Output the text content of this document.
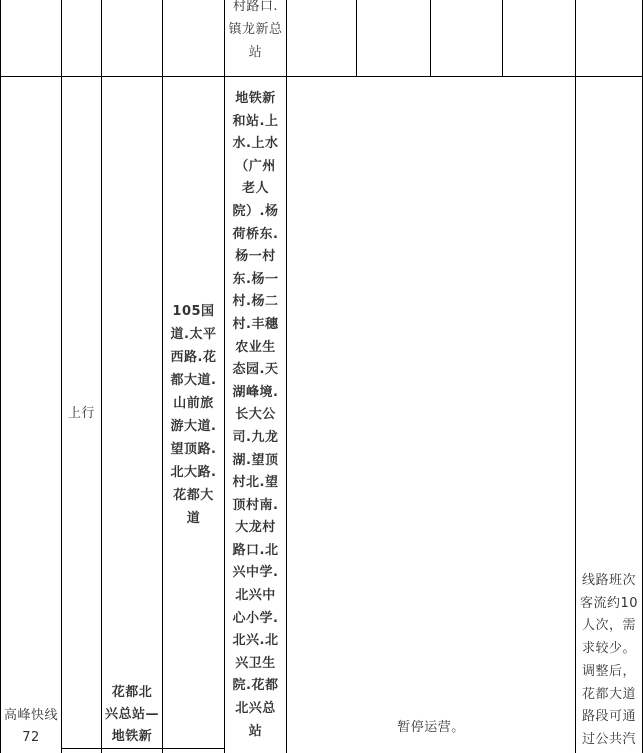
村路口.
镇龙新总
站
高峰快线
72
上行
花都北
兴总站—
地铁新
105国
道.太平
西路.花
都大道.
山前旅
游大道.
望顶路.
北大路.
花都大
道
地铁新
和站.上
水.上水
（广州
老人
院）.杨
荷桥东.
杨一村
东.杨一
村.杨二
村.丰穗
农业生
态园.天
湖峰境.
长大公
司.九龙
湖.望顶
村北.望
顶村南.
大龙村
路口.北
兴中学.
北兴中
心小学.
北兴.北
兴卫生
院.花都
北兴总
站	暂停运营。
线路班次
客流约10
人次，需
求较少。
调整后，
花都大道
路段可通
过公共汽
